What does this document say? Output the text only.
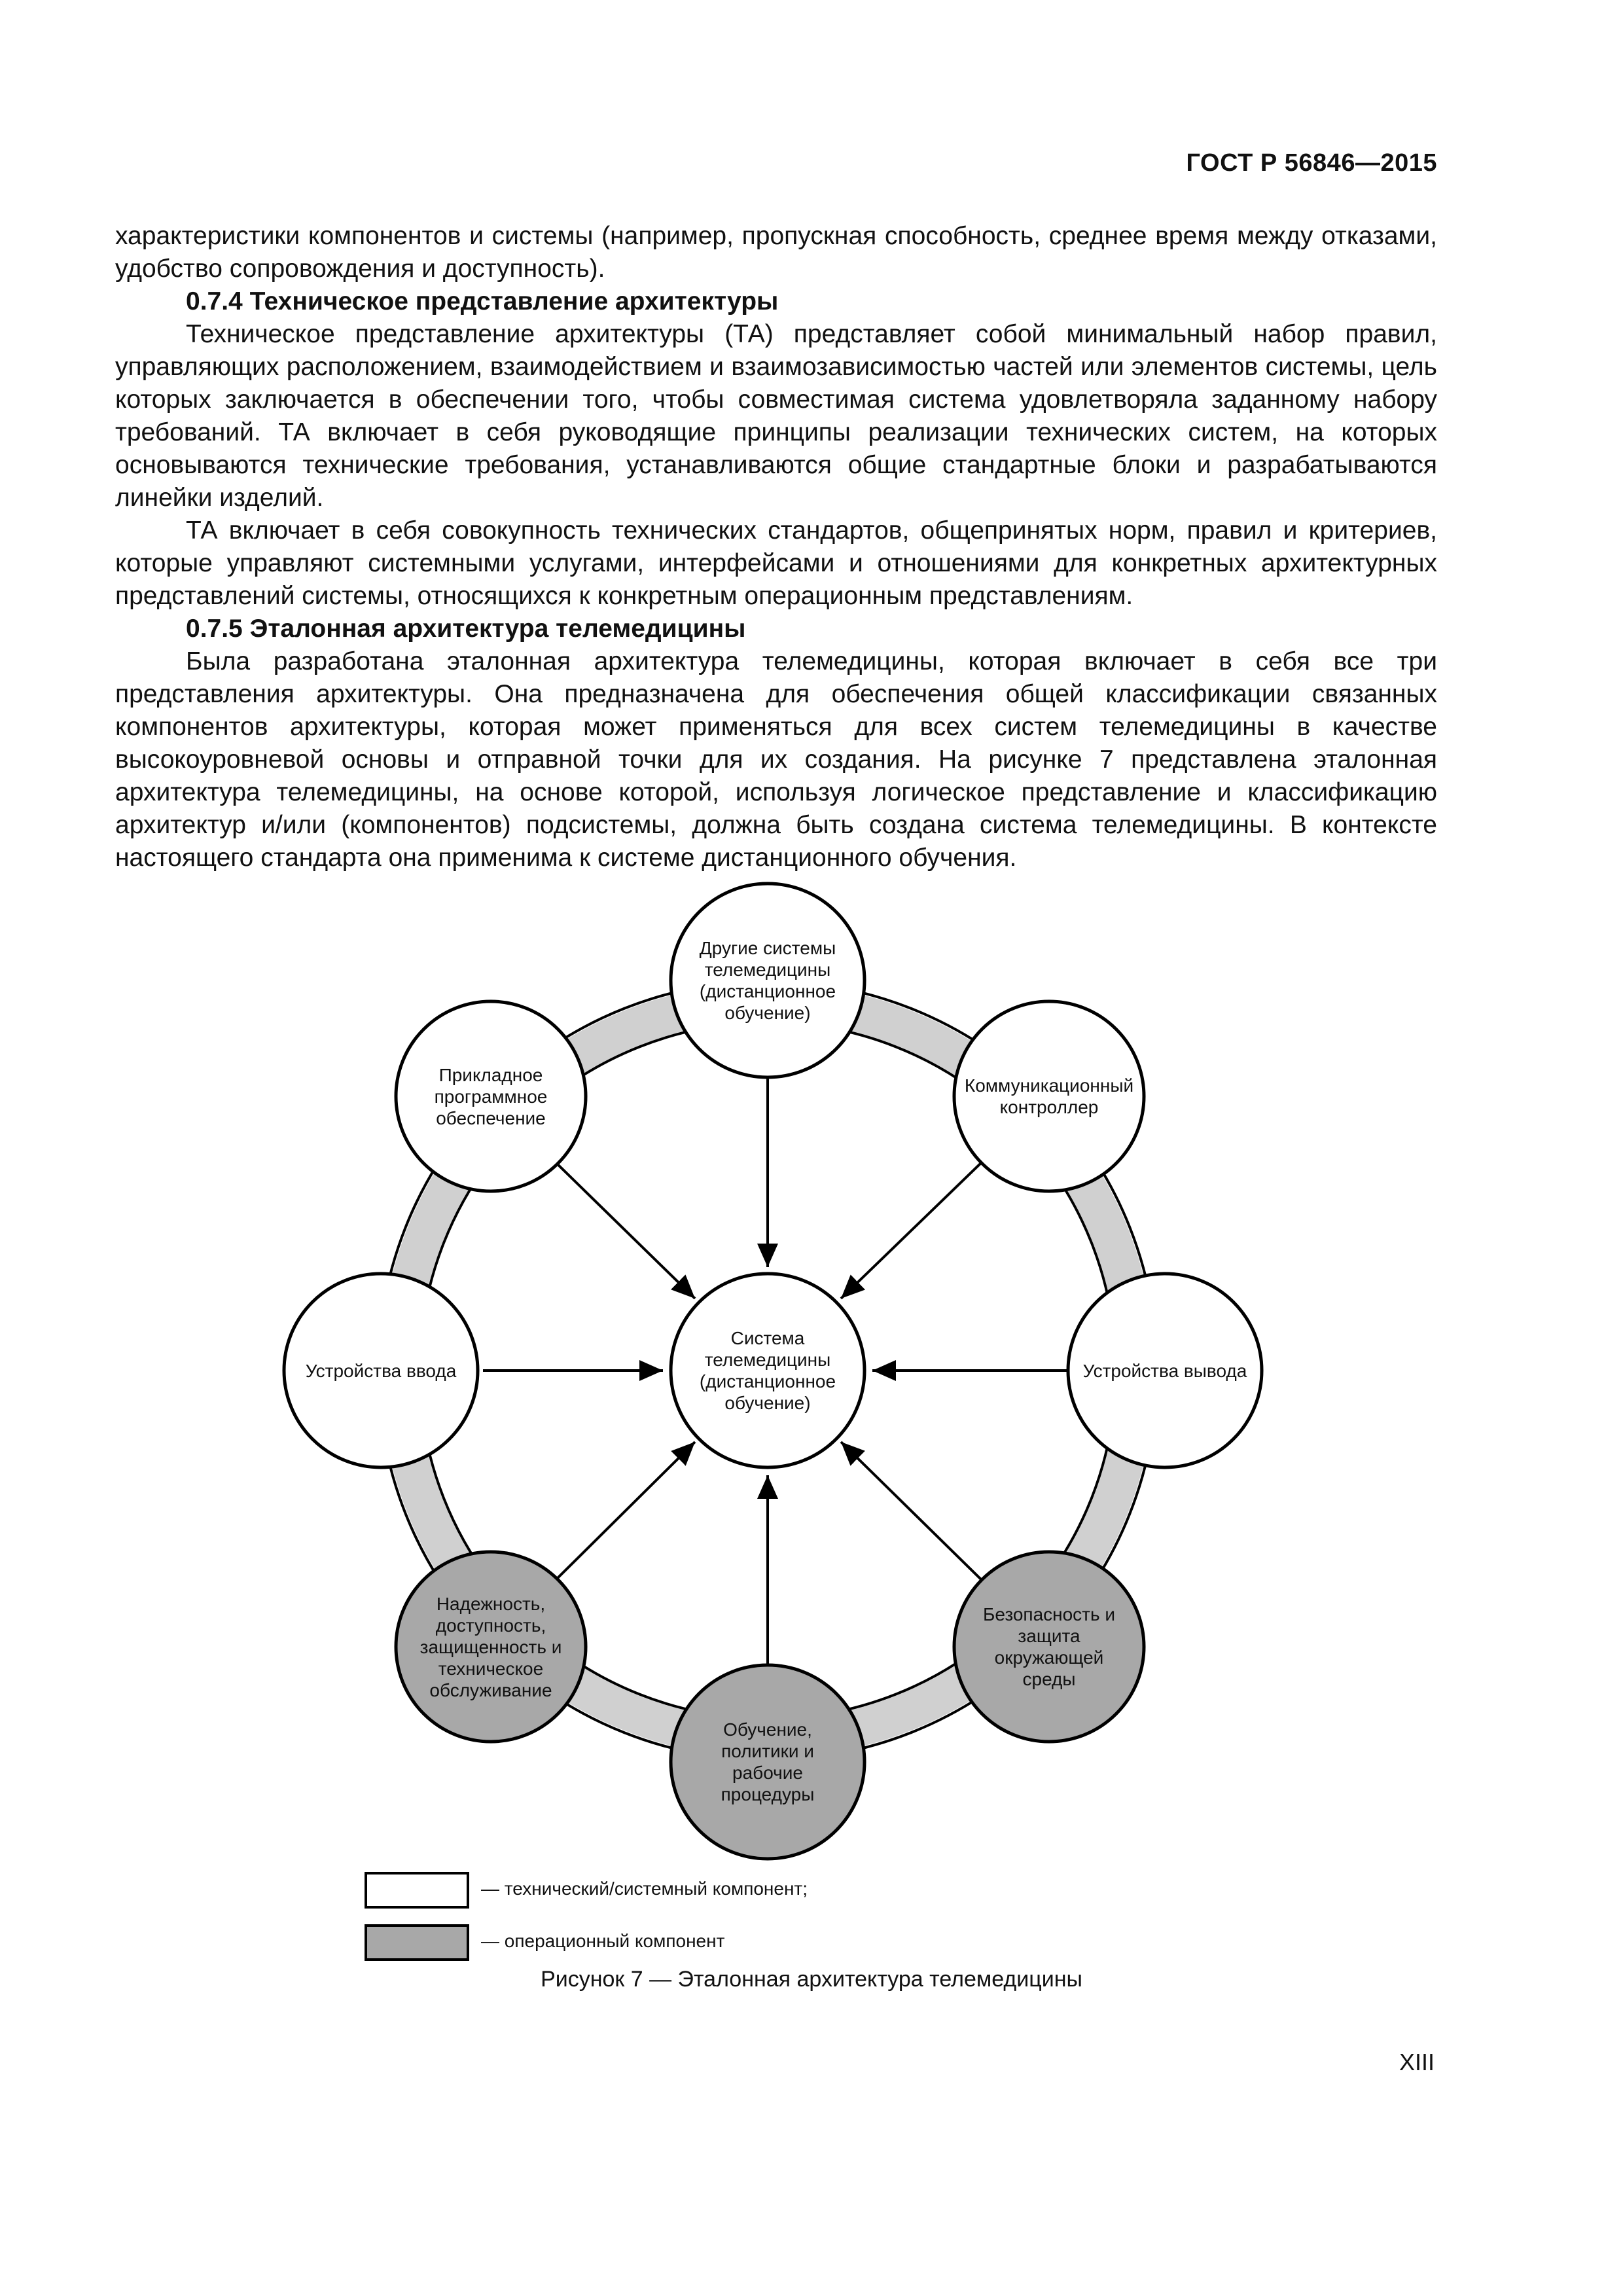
ГОСТ Р 56846—2015

характеристики компонентов и системы (например, пропускная способность, среднее время между отказами, удобство сопровождения и доступность).

0.7.4 Техническое представление архитектуры

Техническое представление архитектуры (ТА) представляет собой минимальный набор правил, управляющих расположением, взаимодействием и взаимозависимостью частей или элементов системы, цель которых заключается в обеспечении того, чтобы совместимая система удовлетворяла заданному набору требований. ТА включает в себя руководящие принципы реализации технических систем, на которых основываются технические требования, устанавливаются общие стандартные блоки и разрабатываются линейки изделий.

ТА включает в себя совокупность технических стандартов, общепринятых норм, правил и критериев, которые управляют системными услугами, интерфейсами и отношениями для конкретных архитектурных представлений системы, относящихся к конкретным операционным представлениям.

0.7.5 Эталонная архитектура телемедицины

Была разработана эталонная архитектура телемедицины, которая включает в себя все три представления архитектуры. Она предназначена для обеспечения общей классификации связанных компонентов архитектуры, которая может применяться для всех систем телемедицины в качестве высокоуровневой основы и отправной точки для их создания. На рисунке 7 представлена эталонная архитектура телемедицины, на основе которой, используя логическое представление и классификацию архитектур и/или (компонентов) подсистемы, должна быть создана система телемедицины. В контексте настоящего стандарта она применима к системе дистанционного обучения.

Система телемедицины (дистанционное обучение)
Другие системы телемедицины (дистанционное обучение)
Коммуникационный контроллер
Устройства вывода
Безопасность и защита окружающей среды
Обучение, политики и рабочие процедуры
Надежность, доступность, защищенность и техническое обслуживание
Устройства ввода
Прикладное программное обеспечение
— технический/системный компонент;
— операционный компонент
Рисунок 7 — Эталонная архитектура телемедицины
XIII
